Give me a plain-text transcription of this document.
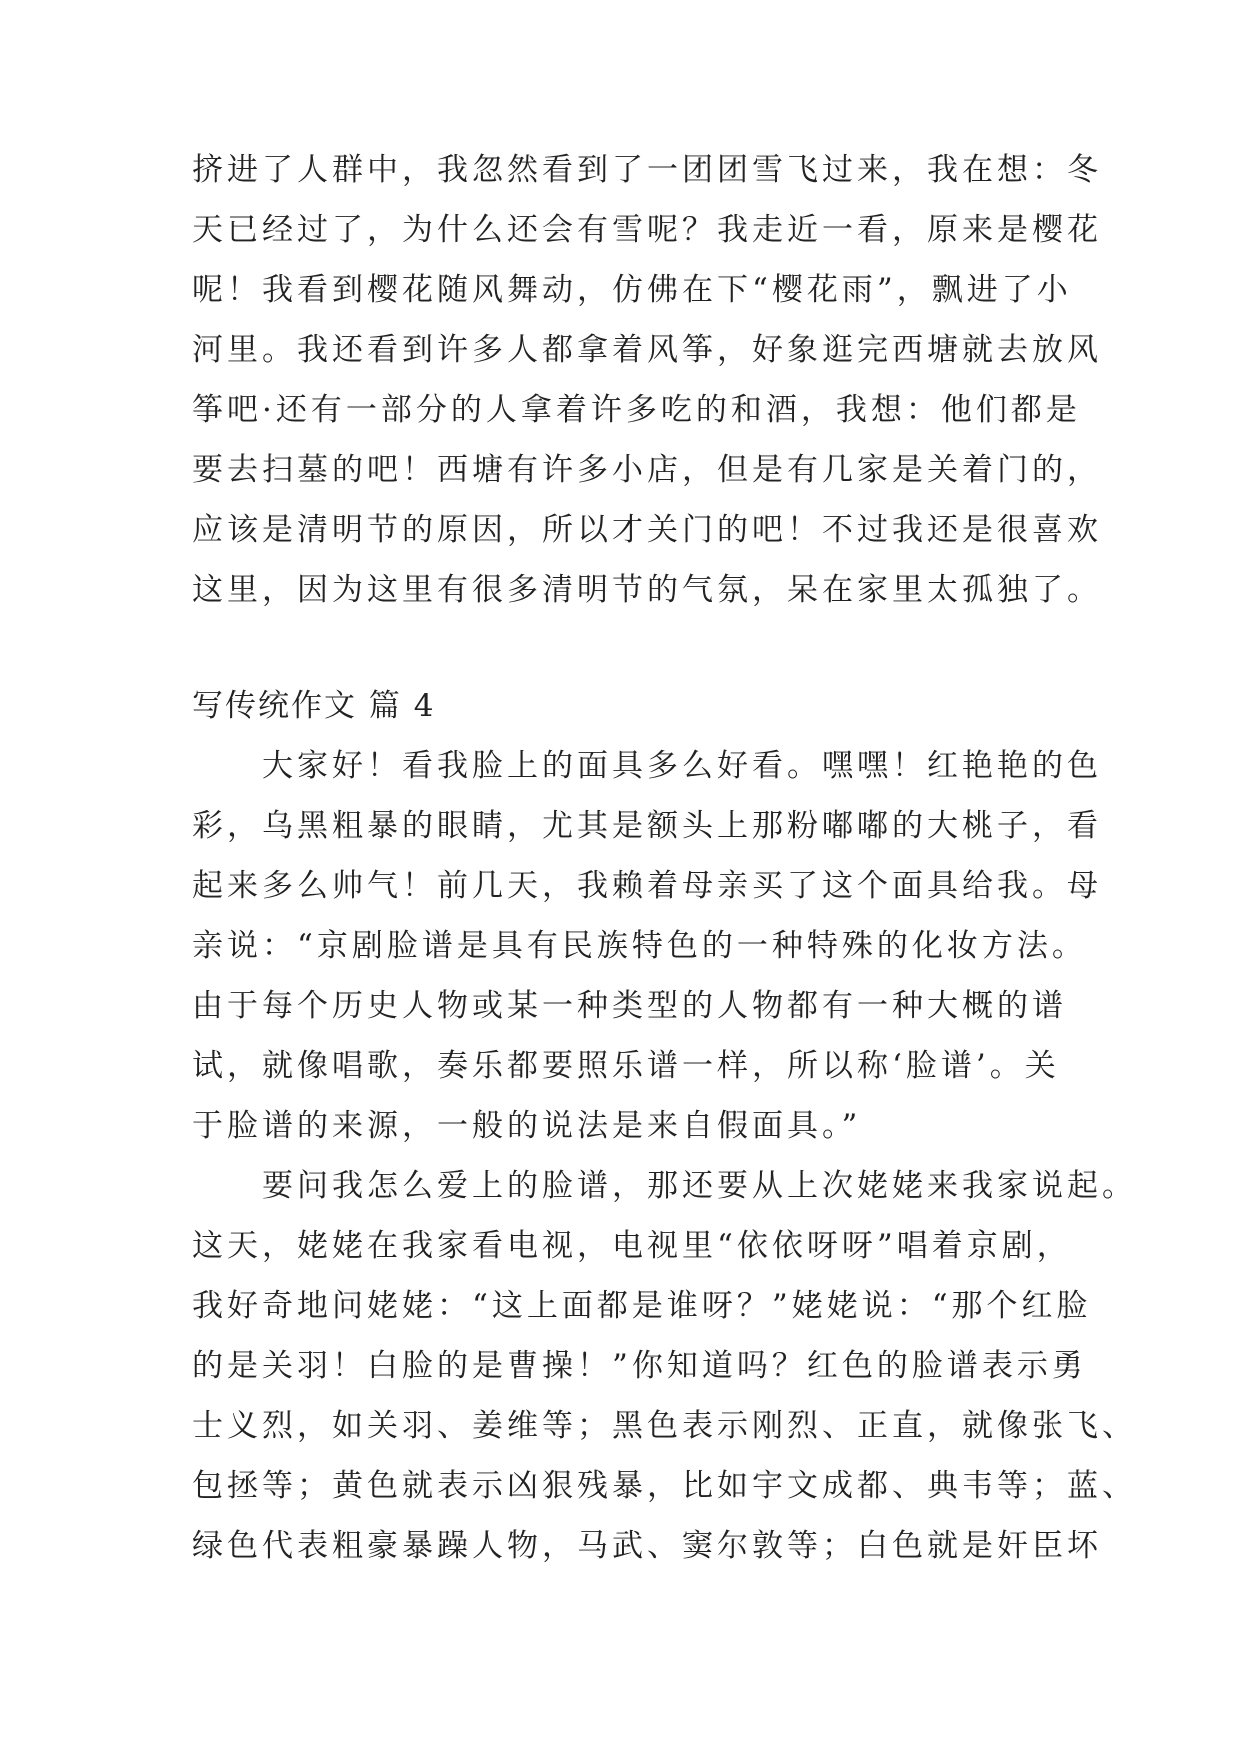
挤进了人群中，我忽然看到了一团团雪飞过来，我在想：冬
天已经过了，为什么还会有雪呢？我走近一看，原来是樱花
呢！我看到樱花随风舞动，仿佛在下“樱花雨”，飘进了小
河里。我还看到许多人都拿着风筝，好象逛完西塘就去放风
筝吧·还有一部分的人拿着许多吃的和酒，我想：他们都是
要去扫墓的吧！西塘有许多小店，但是有几家是关着门的，
应该是清明节的原因，所以才关门的吧！不过我还是很喜欢
这里，因为这里有很多清明节的气氛，呆在家里太孤独了。
写传统作文 篇 4
　　大家好！看我脸上的面具多么好看。嘿嘿！红艳艳的色
彩，乌黑粗暴的眼睛，尤其是额头上那粉嘟嘟的大桃子，看
起来多么帅气！前几天，我赖着母亲买了这个面具给我。母
亲说：“京剧脸谱是具有民族特色的一种特殊的化妆方法。
由于每个历史人物或某一种类型的人物都有一种大概的谱
试，就像唱歌，奏乐都要照乐谱一样，所以称‘脸谱’。关
于脸谱的来源，一般的说法是来自假面具。”
　　要问我怎么爱上的脸谱，那还要从上次姥姥来我家说起。
这天，姥姥在我家看电视，电视里“依依呀呀”唱着京剧，
我好奇地问姥姥：“这上面都是谁呀？”姥姥说：“那个红脸
的是关羽！白脸的是曹操！”你知道吗？红色的脸谱表示勇
士义烈，如关羽、姜维等；黑色表示刚烈、正直，就像张飞、
包拯等；黄色就表示凶狠残暴，比如宇文成都、典韦等；蓝、
绿色代表粗豪暴躁人物，马武、窦尔敦等；白色就是奸臣坏
